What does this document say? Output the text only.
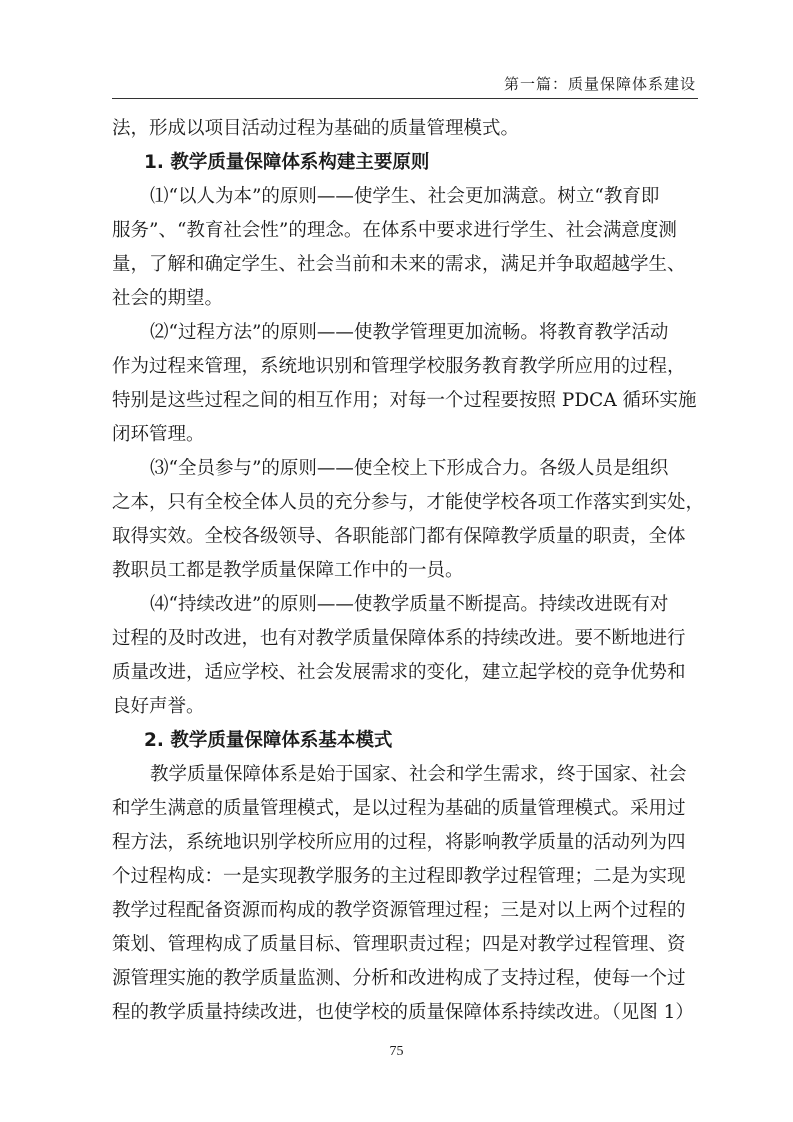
第一篇：质量保障体系建设
法，形成以项目活动过程为基础的质量管理模式。
1. 教学质量保障体系构建主要原则
⑴“以人为本”的原则——使学生、社会更加满意。树立“教育即
服务”、“教育社会性”的理念。在体系中要求进行学生、社会满意度测
量，了解和确定学生、社会当前和未来的需求，满足并争取超越学生、
社会的期望。
⑵“过程方法”的原则——使教学管理更加流畅。将教育教学活动
作为过程来管理，系统地识别和管理学校服务教育教学所应用的过程，
特别是这些过程之间的相互作用；对每一个过程要按照 PDCA 循环实施
闭环管理。
⑶“全员参与”的原则——使全校上下形成合力。各级人员是组织
之本，只有全校全体人员的充分参与，才能使学校各项工作落实到实处，
取得实效。全校各级领导、各职能部门都有保障教学质量的职责，全体
教职员工都是教学质量保障工作中的一员。
⑷“持续改进”的原则——使教学质量不断提高。持续改进既有对
过程的及时改进，也有对教学质量保障体系的持续改进。要不断地进行
质量改进，适应学校、社会发展需求的变化，建立起学校的竞争优势和
良好声誉。
2. 教学质量保障体系基本模式
教学质量保障体系是始于国家、社会和学生需求，终于国家、社会
和学生满意的质量管理模式，是以过程为基础的质量管理模式。采用过
程方法，系统地识别学校所应用的过程，将影响教学质量的活动列为四
个过程构成：一是实现教学服务的主过程即教学过程管理；二是为实现
教学过程配备资源而构成的教学资源管理过程；三是对以上两个过程的
策划、管理构成了质量目标、管理职责过程；四是对教学过程管理、资
源管理实施的教学质量监测、分析和改进构成了支持过程，使每一个过
程的教学质量持续改进，也使学校的质量保障体系持续改进。（见图 1）
75
